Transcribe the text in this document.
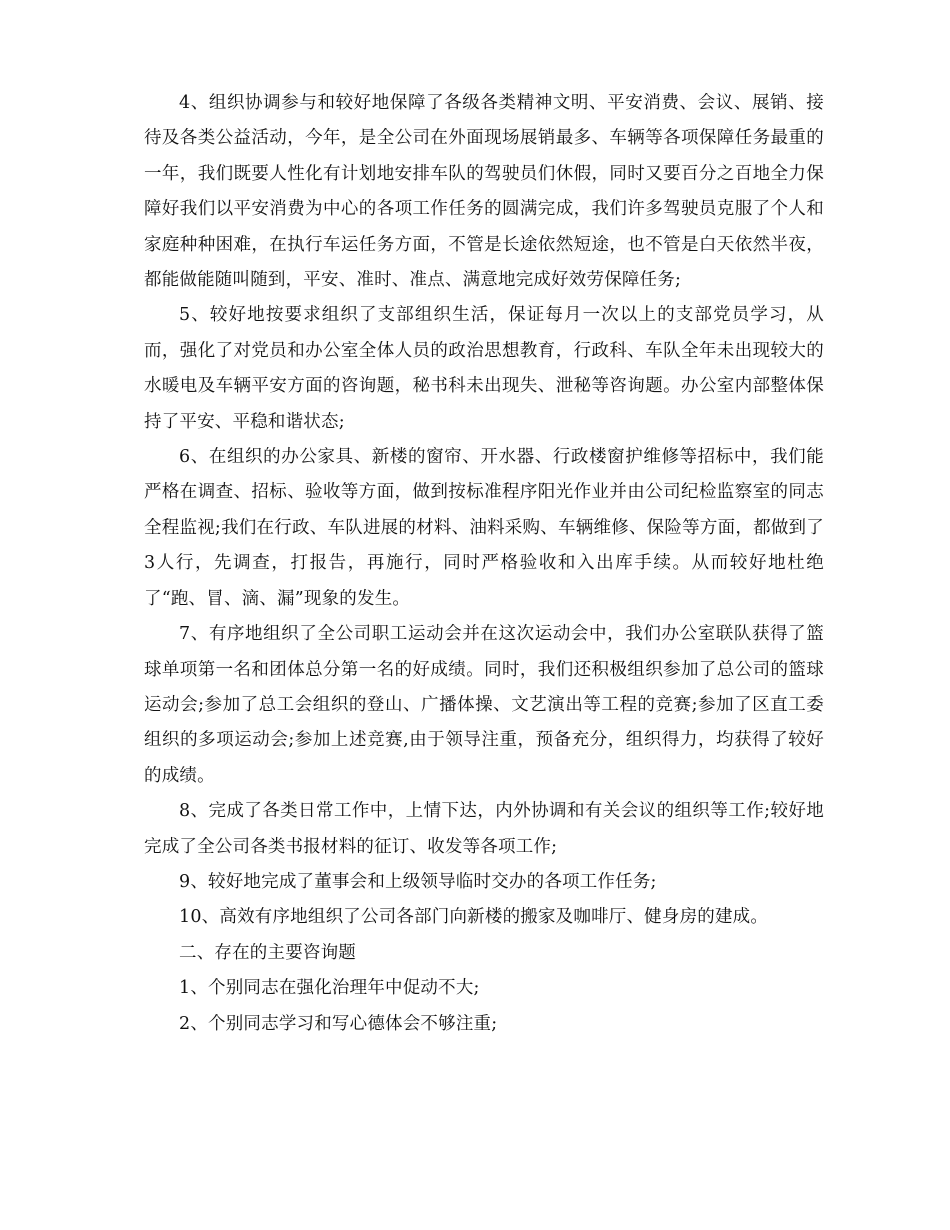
4、组织协调参与和较好地保障了各级各类精神文明、平安消费、会议、展销、接待及各类公益活动，今年，是全公司在外面现场展销最多、车辆等各项保障任务最重的一年，我们既要人性化有计划地安排车队的驾驶员们休假，同时又要百分之百地全力保障好我们以平安消费为中心的各项工作任务的圆满完成，我们许多驾驶员克服了个人和家庭种种困难，在执行车运任务方面，不管是长途依然短途，也不管是白天依然半夜，都能做能随叫随到，平安、准时、准点、满意地完成好效劳保障任务;

5、较好地按要求组织了支部组织生活，保证每月一次以上的支部党员学习，从而，强化了对党员和办公室全体人员的政治思想教育，行政科、车队全年未出现较大的水暖电及车辆平安方面的咨询题，秘书科未出现失、泄秘等咨询题。办公室内部整体保持了平安、平稳和谐状态;

6、在组织的办公家具、新楼的窗帘、开水器、行政楼窗护维修等招标中，我们能严格在调查、招标、验收等方面，做到按标准程序阳光作业并由公司纪检监察室的同志全程监视;我们在行政、车队进展的材料、油料采购、车辆维修、保险等方面，都做到了3人行，先调查，打报告，再施行，同时严格验收和入出库手续。从而较好地杜绝了“跑、冒、滴、漏”现象的发生。

7、有序地组织了全公司职工运动会并在这次运动会中，我们办公室联队获得了篮球单项第一名和团体总分第一名的好成绩。同时，我们还积极组织参加了总公司的篮球运动会;参加了总工会组织的登山、广播体操、文艺演出等工程的竞赛;参加了区直工委组织的多项运动会;参加上述竞赛,由于领导注重，预备充分，组织得力，均获得了较好的成绩。

8、完成了各类日常工作中，上情下达，内外协调和有关会议的组织等工作;较好地完成了全公司各类书报材料的征订、收发等各项工作;

9、较好地完成了董事会和上级领导临时交办的各项工作任务;

10、高效有序地组织了公司各部门向新楼的搬家及咖啡厅、健身房的建成。

二、存在的主要咨询题

1、个别同志在强化治理年中促动不大;

2、个别同志学习和写心德体会不够注重;
